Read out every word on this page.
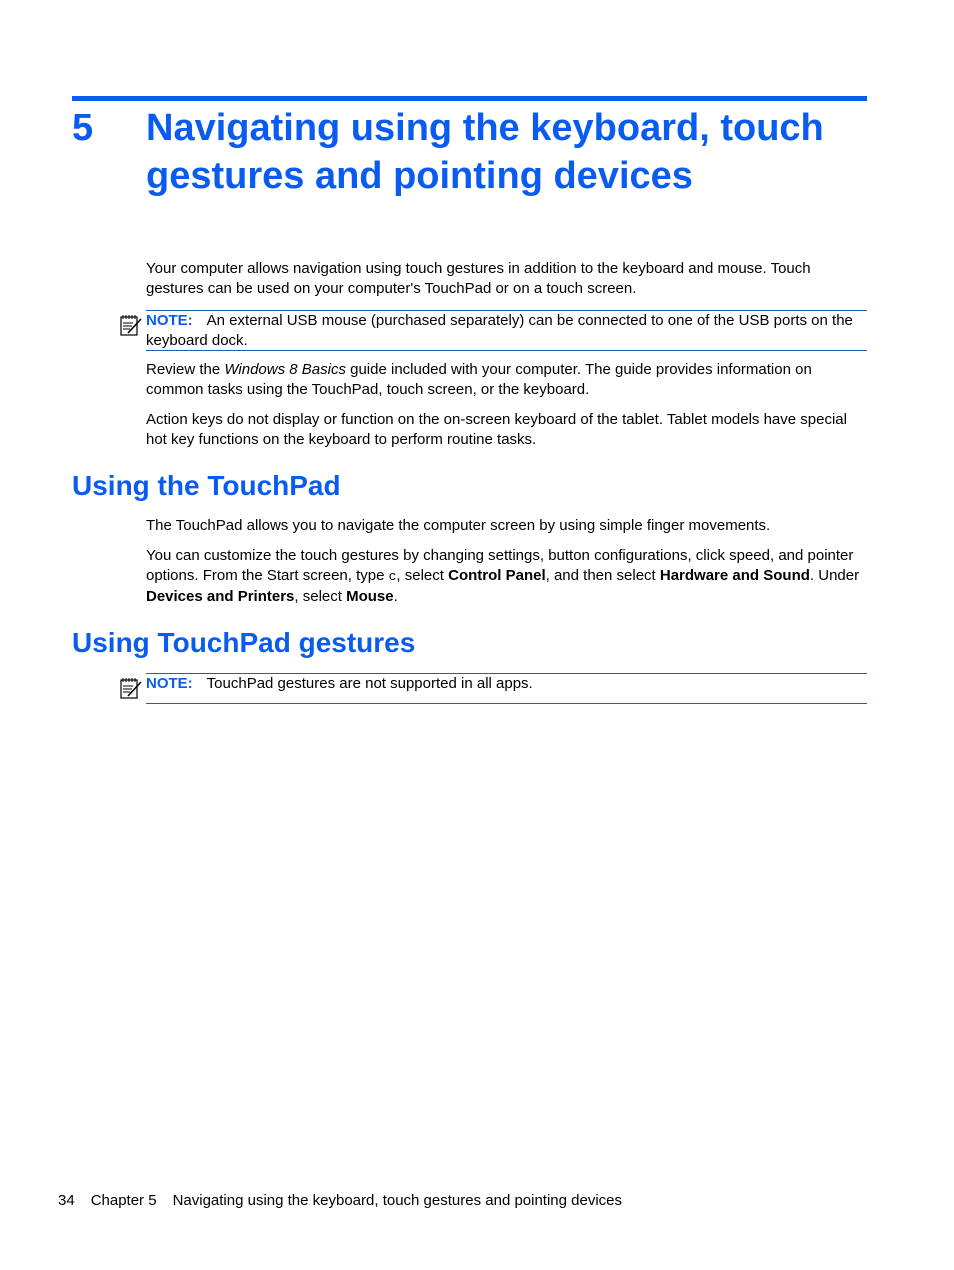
5 Navigating using the keyboard, touch gestures and pointing devices

Your computer allows navigation using touch gestures in addition to the keyboard and mouse. Touch gestures can be used on your computer's TouchPad or on a touch screen.

NOTE: An external USB mouse (purchased separately) can be connected to one of the USB ports on the keyboard dock.

Review the Windows 8 Basics guide included with your computer. The guide provides information on common tasks using the TouchPad, touch screen, or the keyboard.

Action keys do not display or function on the on-screen keyboard of the tablet. Tablet models have special hot key functions on the keyboard to perform routine tasks.

Using the TouchPad

The TouchPad allows you to navigate the computer screen by using simple finger movements.

You can customize the touch gestures by changing settings, button configurations, click speed, and pointer options. From the Start screen, type c, select Control Panel, and then select Hardware and Sound. Under Devices and Printers, select Mouse.

Using TouchPad gestures
NOTE: TouchPad gestures are not supported in all apps.
34 Chapter 5 Navigating using the keyboard, touch gestures and pointing devices
